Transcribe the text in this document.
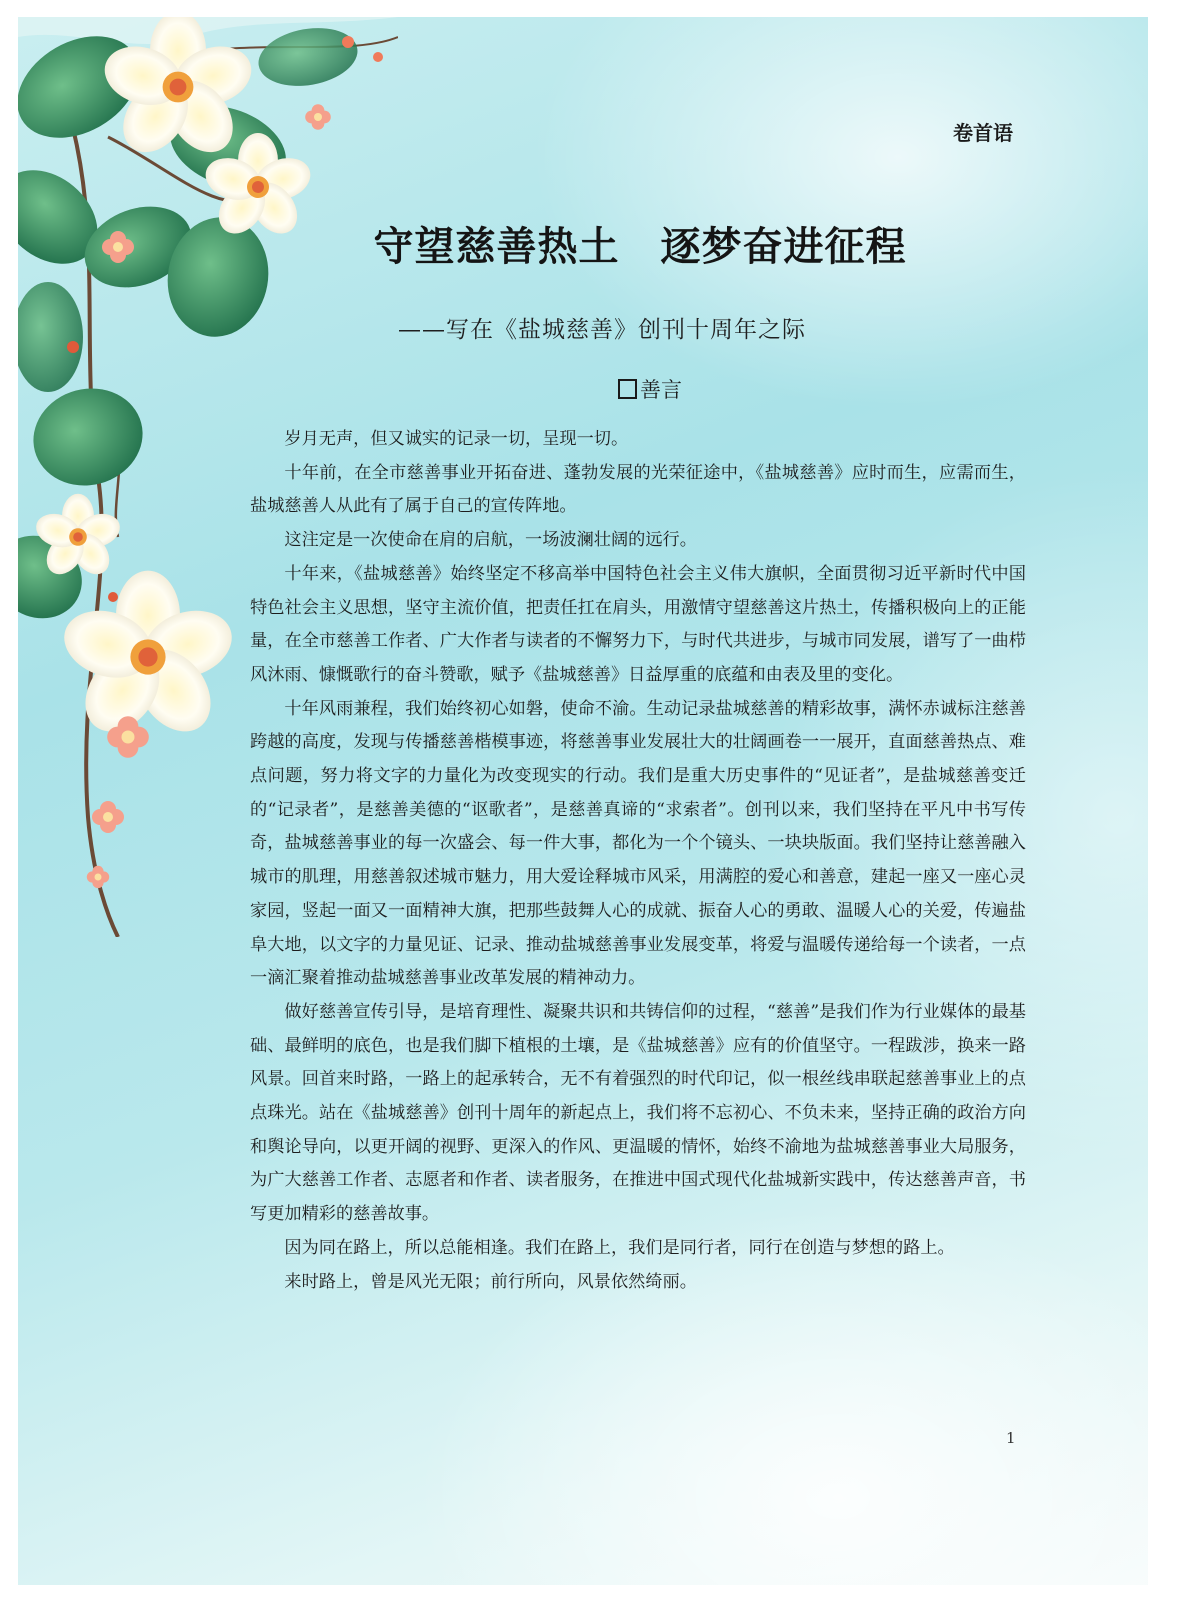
卷首语
守望慈善热土　逐梦奋进征程
——写在《盐城慈善》创刊十周年之际
善言

岁月无声，但又诚实的记录一切，呈现一切。

十年前，在全市慈善事业开拓奋进、蓬勃发展的光荣征途中，《盐城慈善》应时而生，应需而生，盐城慈善人从此有了属于自己的宣传阵地。

这注定是一次使命在肩的启航，一场波澜壮阔的远行。

十年来，《盐城慈善》始终坚定不移高举中国特色社会主义伟大旗帜，全面贯彻习近平新时代中国特色社会主义思想，坚守主流价值，把责任扛在肩头，用激情守望慈善这片热土，传播积极向上的正能量，在全市慈善工作者、广大作者与读者的不懈努力下，与时代共进步，与城市同发展，谱写了一曲栉风沐雨、慷慨歌行的奋斗赞歌，赋予《盐城慈善》日益厚重的底蕴和由表及里的变化。

十年风雨兼程，我们始终初心如磐，使命不渝。生动记录盐城慈善的精彩故事，满怀赤诚标注慈善跨越的高度，发现与传播慈善楷模事迹，将慈善事业发展壮大的壮阔画卷一一展开，直面慈善热点、难点问题，努力将文字的力量化为改变现实的行动。我们是重大历史事件的“见证者”，是盐城慈善变迁的“记录者”，是慈善美德的“讴歌者”，是慈善真谛的“求索者”。创刊以来，我们坚持在平凡中书写传奇，盐城慈善事业的每一次盛会、每一件大事，都化为一个个镜头、一块块版面。我们坚持让慈善融入城市的肌理，用慈善叙述城市魅力，用大爱诠释城市风采，用满腔的爱心和善意，建起一座又一座心灵家园，竖起一面又一面精神大旗，把那些鼓舞人心的成就、振奋人心的勇敢、温暖人心的关爱，传遍盐阜大地，以文字的力量见证、记录、推动盐城慈善事业发展变革，将爱与温暖传递给每一个读者，一点一滴汇聚着推动盐城慈善事业改革发展的精神动力。

做好慈善宣传引导，是培育理性、凝聚共识和共铸信仰的过程，“慈善”是我们作为行业媒体的最基础、最鲜明的底色，也是我们脚下植根的土壤，是《盐城慈善》应有的价值坚守。一程跋涉，换来一路风景。回首来时路，一路上的起承转合，无不有着强烈的时代印记，似一根丝线串联起慈善事业上的点点珠光。站在《盐城慈善》创刊十周年的新起点上，我们将不忘初心、不负未来，坚持正确的政治方向和舆论导向，以更开阔的视野、更深入的作风、更温暖的情怀，始终不渝地为盐城慈善事业大局服务，为广大慈善工作者、志愿者和作者、读者服务，在推进中国式现代化盐城新实践中，传达慈善声音，书写更加精彩的慈善故事。

因为同在路上，所以总能相逢。我们在路上，我们是同行者，同行在创造与梦想的路上。

来时路上，曾是风光无限；前行所向，风景依然绮丽。

1
